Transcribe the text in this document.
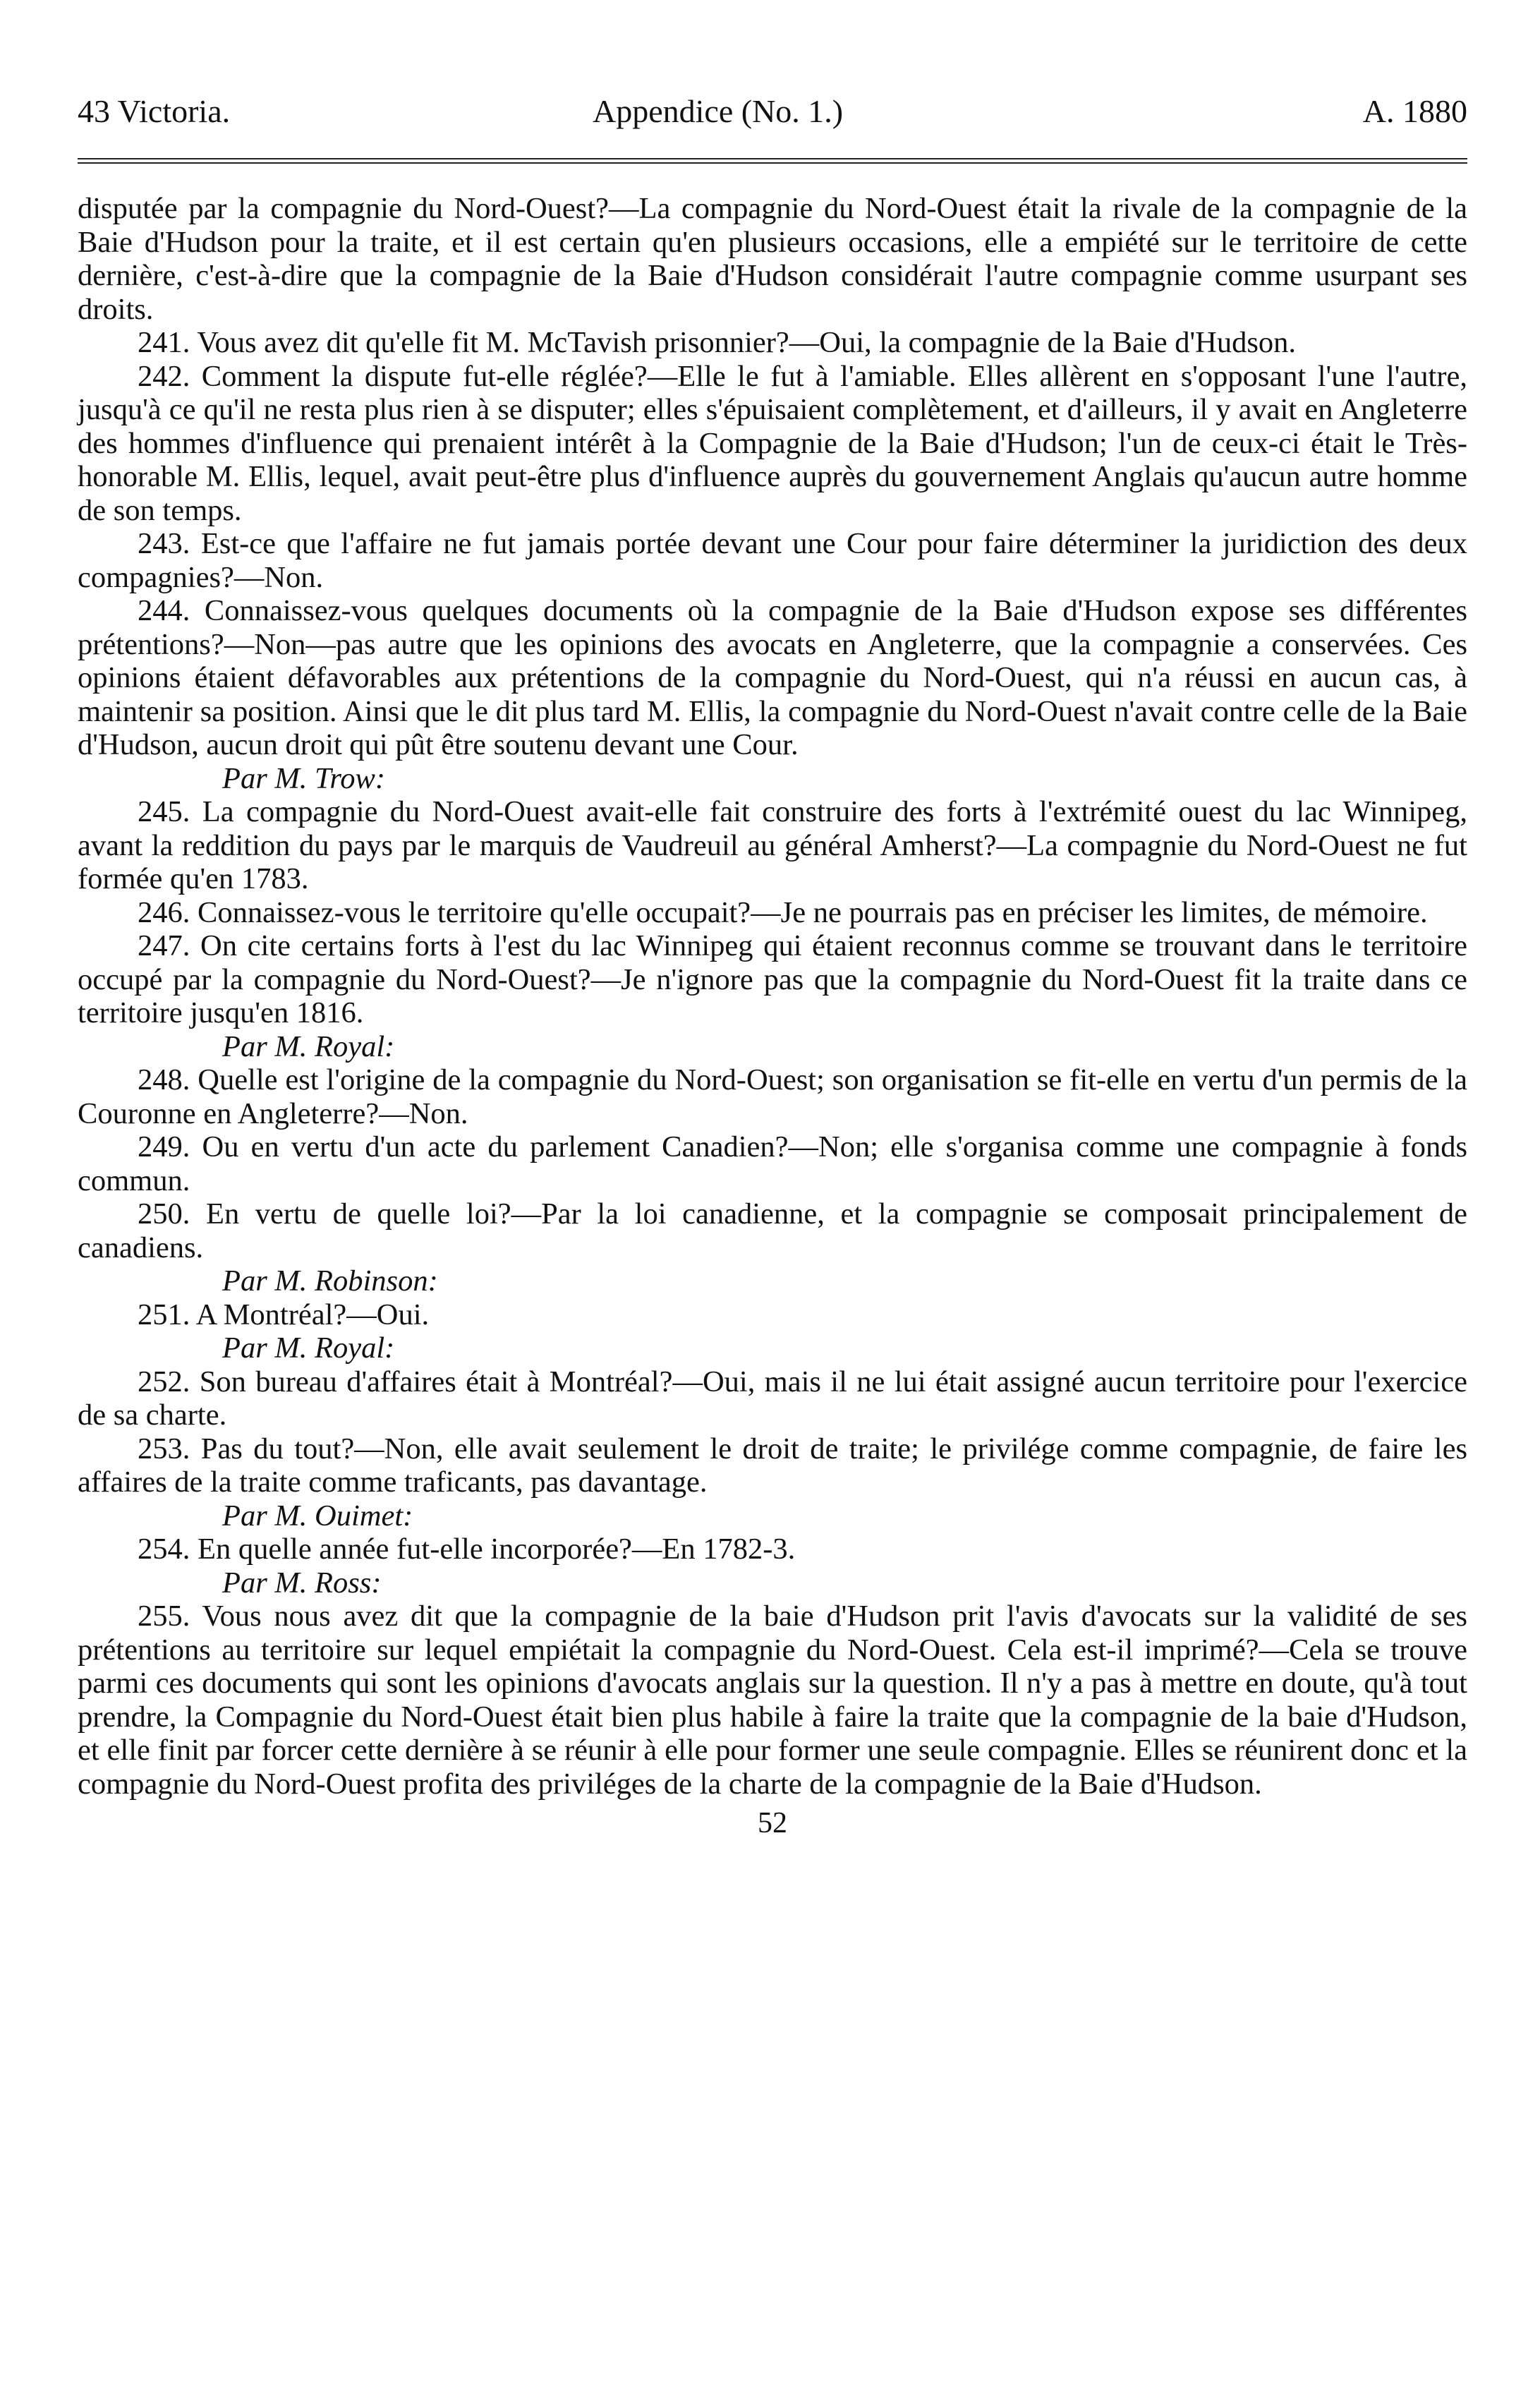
43 Victoria.	Appendice (No. 1.)	A. 1880

disputée par la compagnie du Nord-Ouest?—La compagnie du Nord-Ouest était la rivale de la compagnie de la Baie d'Hudson pour la traite, et il est certain qu'en plusieurs occasions, elle a empiété sur le territoire de cette dernière, c'est-à-dire que la compagnie de la Baie d'Hudson considérait l'autre compagnie comme usurpant ses droits.

241. Vous avez dit qu'elle fit M. McTavish prisonnier?—Oui, la compagnie de la Baie d'Hudson.

242. Comment la dispute fut-elle réglée?—Elle le fut à l'amiable. Elles allèrent en s'opposant l'une l'autre, jusqu'à ce qu'il ne resta plus rien à se disputer; elles s'épuisaient complètement, et d'ailleurs, il y avait en Angleterre des hommes d'influence qui prenaient intérêt à la Compagnie de la Baie d'Hudson; l'un de ceux-ci était le Très-honorable M. Ellis, lequel, avait peut-être plus d'influence auprès du gouvernement Anglais qu'aucun autre homme de son temps.

243. Est-ce que l'affaire ne fut jamais portée devant une Cour pour faire déterminer la juridiction des deux compagnies?—Non.

244. Connaissez-vous quelques documents où la compagnie de la Baie d'Hudson expose ses différentes prétentions?—Non—pas autre que les opinions des avocats en Angleterre, que la compagnie a conservées. Ces opinions étaient défavorables aux prétentions de la compagnie du Nord-Ouest, qui n'a réussi en aucun cas, à maintenir sa position. Ainsi que le dit plus tard M. Ellis, la compagnie du Nord-Ouest n'avait contre celle de la Baie d'Hudson, aucun droit qui pût être soutenu devant une Cour.

Par M. Trow:

245. La compagnie du Nord-Ouest avait-elle fait construire des forts à l'extrémité ouest du lac Winnipeg, avant la reddition du pays par le marquis de Vaudreuil au général Amherst?—La compagnie du Nord-Ouest ne fut formée qu'en 1783.

246. Connaissez-vous le territoire qu'elle occupait?—Je ne pourrais pas en préciser les limites, de mémoire.

247. On cite certains forts à l'est du lac Winnipeg qui étaient reconnus comme se trouvant dans le territoire occupé par la compagnie du Nord-Ouest?—Je n'ignore pas que la compagnie du Nord-Ouest fit la traite dans ce territoire jusqu'en 1816.

Par M. Royal:

248. Quelle est l'origine de la compagnie du Nord-Ouest; son organisation se fit-elle en vertu d'un permis de la Couronne en Angleterre?—Non.

249. Ou en vertu d'un acte du parlement Canadien?—Non; elle s'organisa comme une compagnie à fonds commun.

250. En vertu de quelle loi?—Par la loi canadienne, et la compagnie se composait principalement de canadiens.

Par M. Robinson:

251. A Montréal?—Oui.

Par M. Royal:

252. Son bureau d'affaires était à Montréal?—Oui, mais il ne lui était assigné aucun territoire pour l'exercice de sa charte.

253. Pas du tout?—Non, elle avait seulement le droit de traite; le privilége comme compagnie, de faire les affaires de la traite comme traficants, pas davantage.

Par M. Ouimet:

254. En quelle année fut-elle incorporée?—En 1782-3.

Par M. Ross:

255. Vous nous avez dit que la compagnie de la baie d'Hudson prit l'avis d'avocats sur la validité de ses prétentions au territoire sur lequel empiétait la compagnie du Nord-Ouest. Cela est-il imprimé?—Cela se trouve parmi ces documents qui sont les opinions d'avocats anglais sur la question. Il n'y a pas à mettre en doute, qu'à tout prendre, la Compagnie du Nord-Ouest était bien plus habile à faire la traite que la compagnie de la baie d'Hudson, et elle finit par forcer cette dernière à se réunir à elle pour former une seule compagnie. Elles se réunirent donc et la compagnie du Nord-Ouest profita des priviléges de la charte de la compagnie de la Baie d'Hudson.

52
